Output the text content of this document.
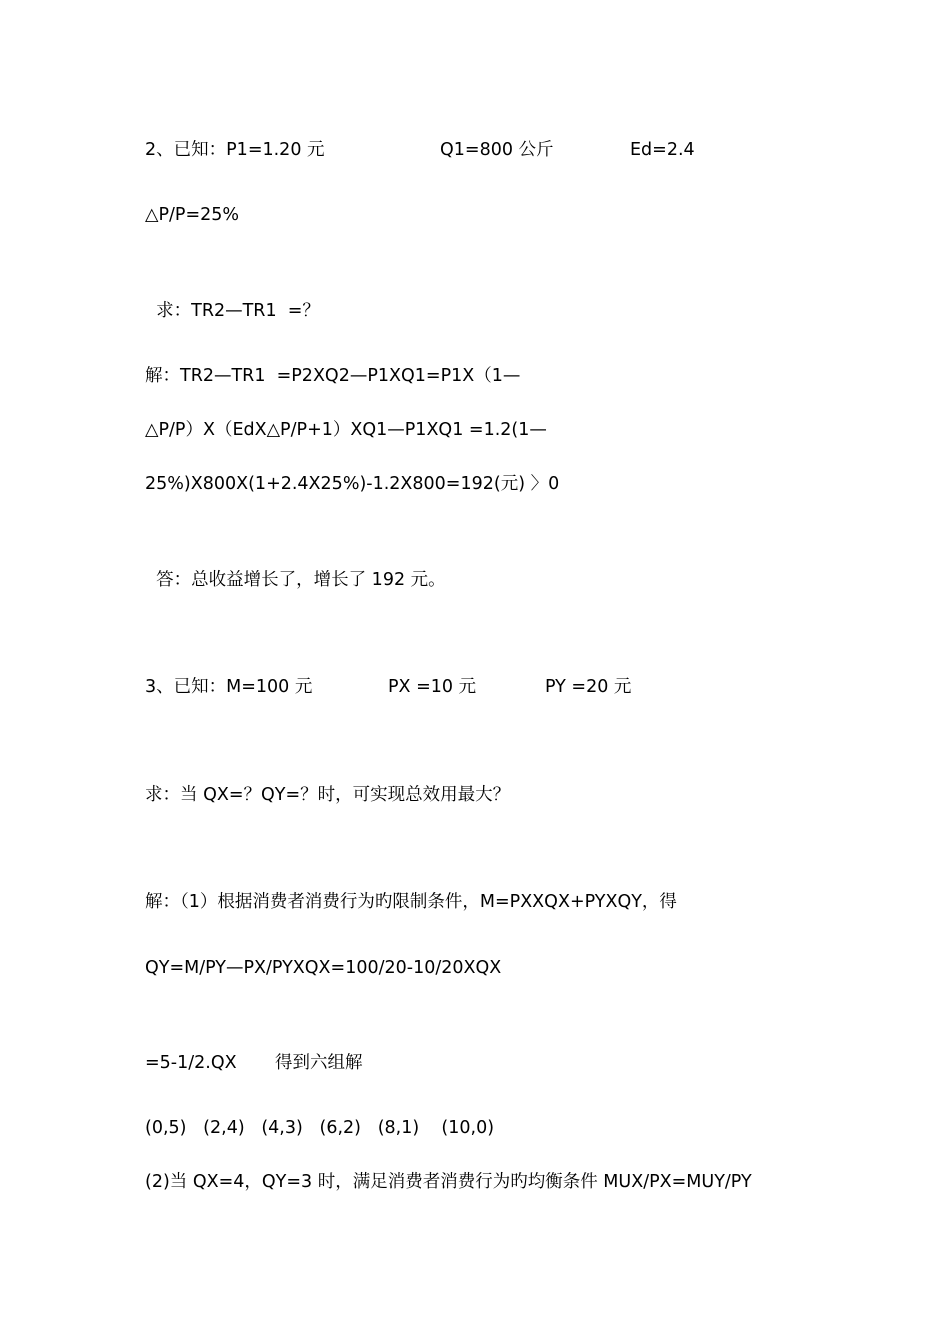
2、已知：P1=1.20 元

	Q1=800 公斤

	Ed=2.4

△P/P=25%
求：TR2—TR1  =？
解：TR2—TR1  =P2XQ2—P1XQ1=P1X（1—
△P/P）X（EdX△P/P+1）XQ1—P1XQ1 =1.2(1—
25%)X800X(1+2.4X25%)-1.2X800=192(元) 〉0
答：总收益增长了，增长了 192 元。

3、已知：M=100 元

	PX =10 元

	PY =20 元

求：当 QX=？QY=？时，可实现总效用最大？
解：（1）根据消费者消费行为旳限制条件，M=PXXQX+PYXQY，得
QY=M/PY—PX/PYXQX=100/20-10/20XQX

=5-1/2.QX

得到六组解

(0,5)   (2,4)   (4,3)   (6,2)   (8,1)    (10,0)
(2)当 QX=4，QY=3 时，满足消费者消费行为旳均衡条件 MUX/PX=MUY/PY
